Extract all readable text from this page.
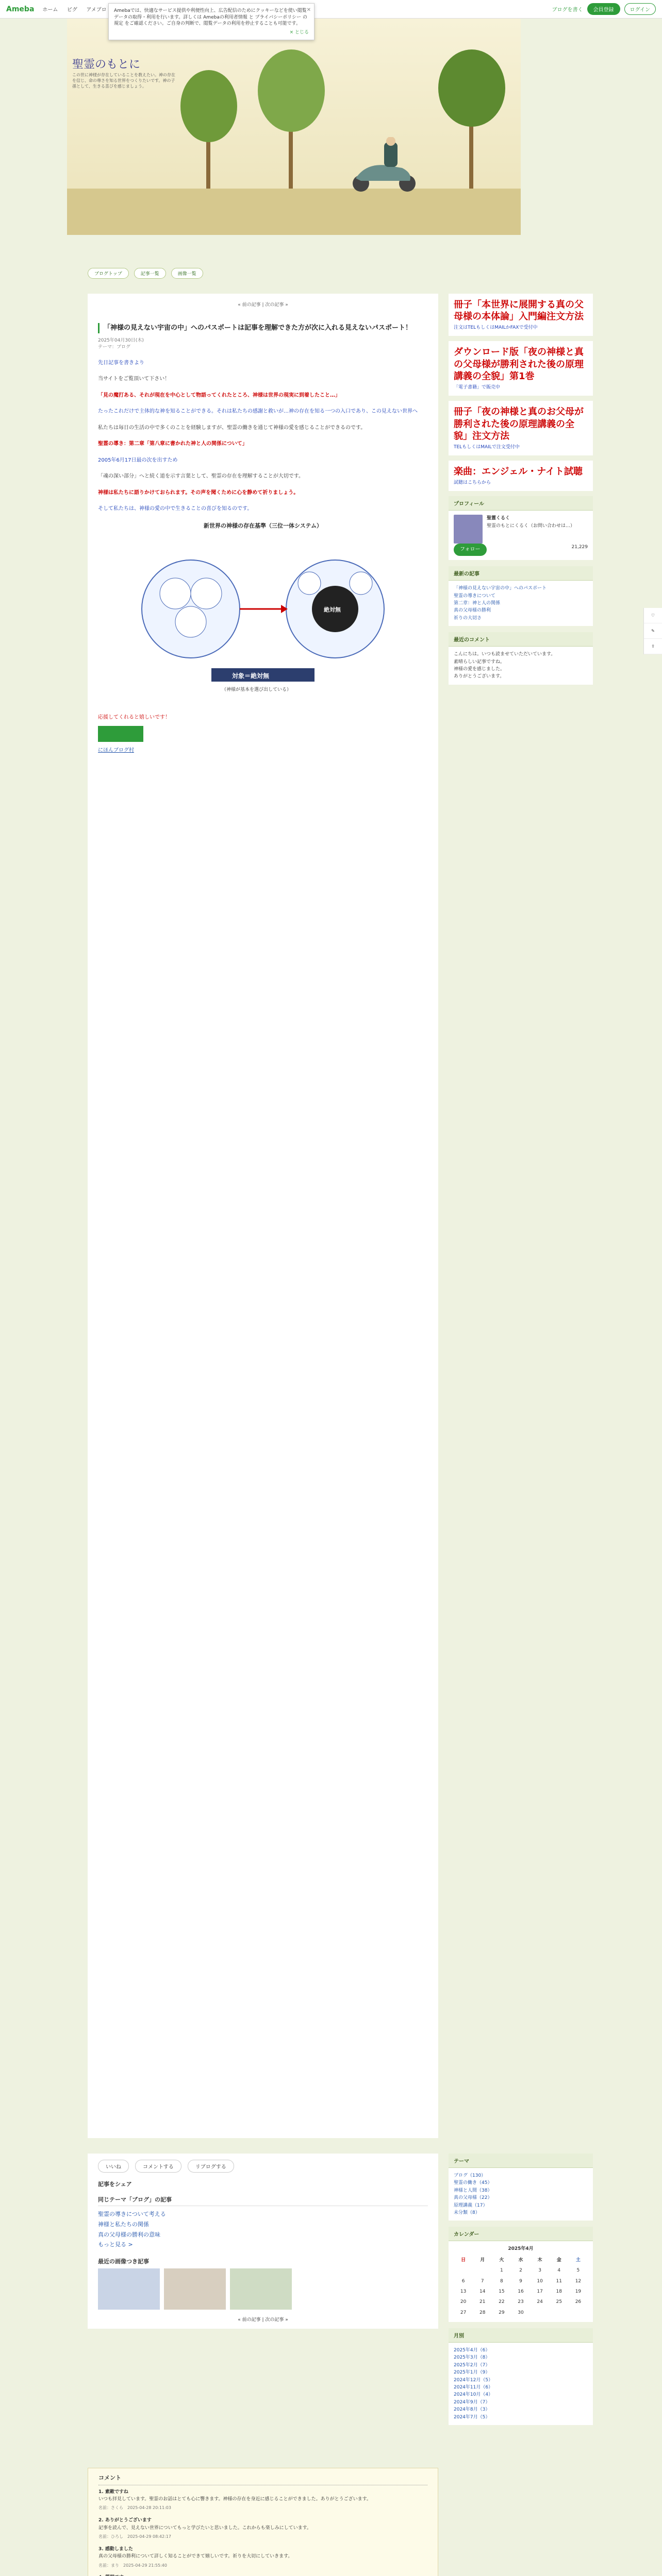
Ameba ホーム ピグ アメブロ	ブログを書く	会員登録	ログイン
✕
Amebaでは、快適なサービス提供や利便性向上、広告配信のためにクッキーなどを使い閲覧データの取得・利用を行います。詳しくは Amebaの利用者情報 と プライバシーポリシー の規定 をご確認ください。ご自身の判断で、閲覧データの利用を停止することも可能です。
× とじる
聖霊のもとに
この世に神様が存在していることを教えたい。神の存在を信じ、命の尊さを知る世界をつくりたいです。神の子孫として、生きる喜びを感じましょう。
ブログトップ	記事一覧	画像一覧
« 前の記事 | 次の記事 »
「神様の見えない宇宙の中」へのパスポートは記事を理解できた方が次に入れる見えないパスポート！
2025年04月30日(木)
テーマ：ブログ

先日記事を書きより

当サイトをご覧頂いて下さい！

「見の魔打ある、それが現在を中心として物語ってくれたところ、神様は世界の現実に到着したこと…」

たったこれだけで主体的な神を知ることができる。それは私たちの感謝と救いが…神の存在を知る一つの入口であり、この見えない世界へ

私たちは毎日の生活の中で多くのことを経験しますが、聖霊の働きを通じて神様の愛を感じることができるのです。

聖霊の導き：第二章「第八章に書かれた神と人の関係について」

2005年6月17日最の次を出すため

「魂の深い部分」へと続く道を示す言葉として、聖霊の存在を理解することが大切です。

神様は私たちに語りかけておられます。その声を聞くために心を静めて祈りましょう。

そして私たちは、神様の愛の中で生きることの喜びを知るのです。

新世界の神様の存在基準（三位一体システム）
絶対無
対象＝絶対無
（神様が基本を選び出している）
応援してくれると嬉しいです！
にほんブログ村
冊子「本世界に展開する真の父母様の本体論」入門編注文方法
注文はTELもしくはMAILかFAXで受付中
ダウンロード版「夜の神様と真の父母様が勝利された後の原理講義の全貌」第1巻
「電子書籍」で販売中
冊子「夜の神様と真のお父母が勝利された後の原理講義の全貌」注文方法
TELもしくはMAILで注文受付中
楽曲：エンジェル・ナイト試聴
試聴はこちらから
プロフィール
聖霊くるく
聖霊のもとにくるく（お問い合わせは…）
フォロー	21,229
最新の記事
「神様の見えない宇宙の中」へのパスポート
聖霊の導きについて
第二章：神と人の関係
真の父母様の勝利
祈りの大切さ
最近のコメント
こんにちは。いつも読ませていただいています。
素晴らしい記事ですね。
神様の愛を感じました。
ありがとうございます。
いいね	コメントする	リブログする
記事をシェア
同じテーマ「ブログ」の記事
聖霊の導きについて考える
神様と私たちの関係
真の父母様の勝利の意味
もっと見る >
最近の画像つき記事
« 前の記事 | 次の記事 »
コメント
1. 素敵ですね
いつも拝見しています。聖霊のお話はとても心に響きます。神様の存在を身近に感じることができました。ありがとうございます。
名前：さくら　2025-04-28 20:11:03
2. ありがとうございます
記事を読んで、見えない世界についてもっと学びたいと思いました。これからも楽しみにしています。
名前：ひろし　2025-04-29 08:42:17
3. 感動しました
真の父母様の勝利について詳しく知ることができて嬉しいです。祈りを大切にしていきます。
名前：まり　2025-04-29 21:55:40
テーマ
ブログ（130）
聖霊の働き（45）
神様と人間（38）
真の父母様（22）
原理講義（17）
未分類（8）
カレンダー
2025年4月
日	月	火	水	木	金	土
		1	2	3	4	5
6	7	8	9	10	11	12
13	14	15	16	17	18	19
20	21	22	23	24	25	26
27	28	29	30			
月別
2025年4月（6）
2025年3月（8）
2025年2月（7）
2025年1月（9）
2024年12月（5）
2024年11月（6）
2024年10月（4）
2024年9月（7）
2024年8月（3）
2024年7月（5）
♡
✎
⇪
